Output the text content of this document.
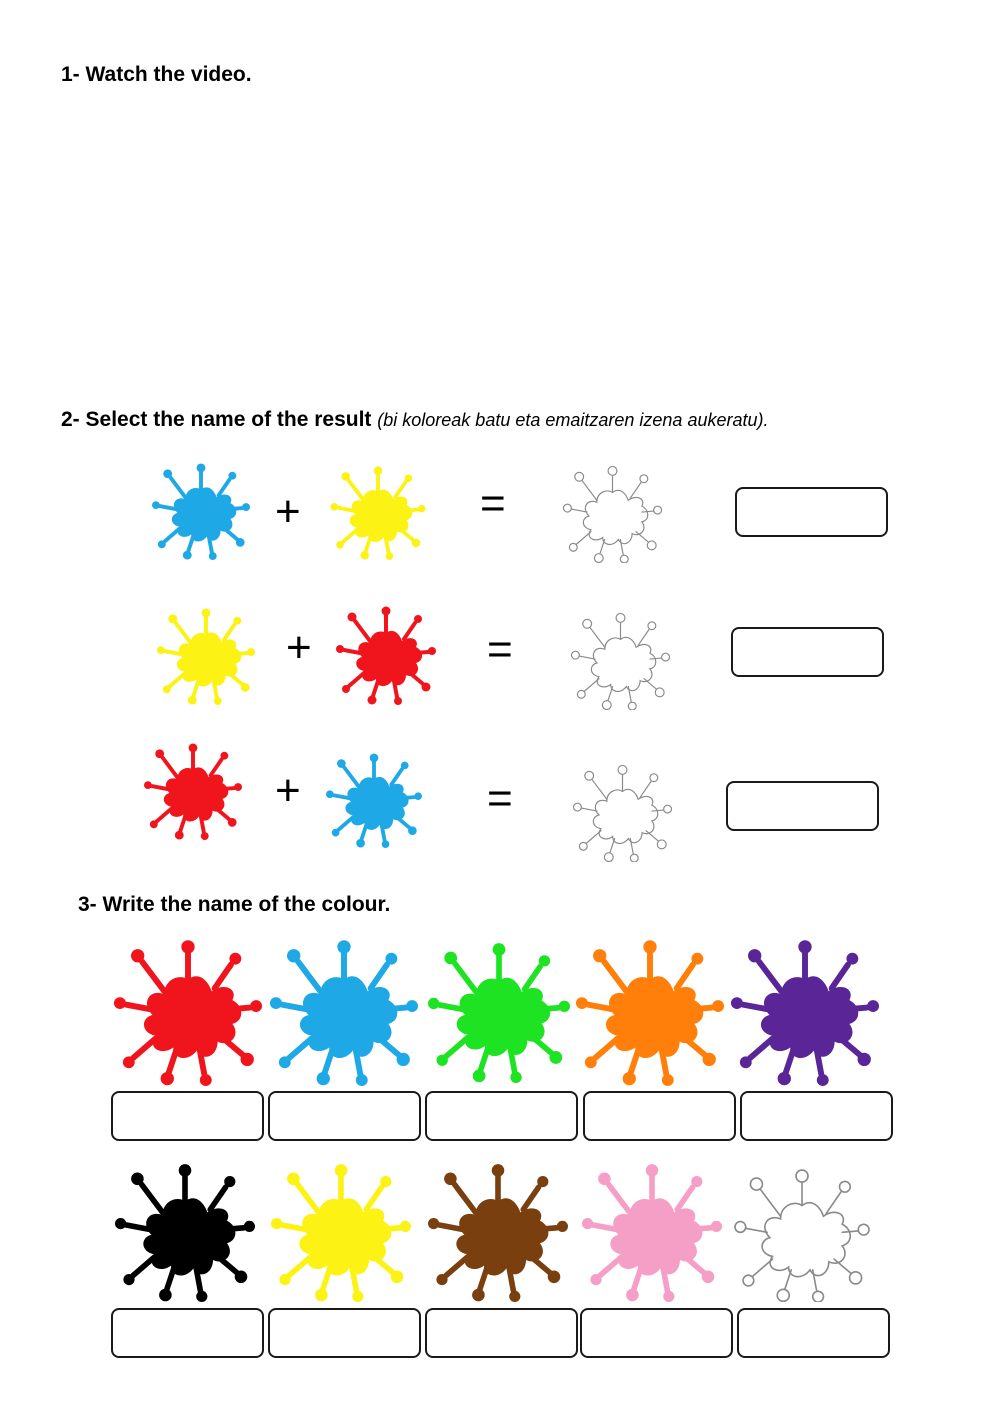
1- Watch the video.
2- Select the name of the result (bi koloreak batu eta emaitzaren izena aukeratu).
+	=
+	=
+	=
3- Write the name of the colour.
